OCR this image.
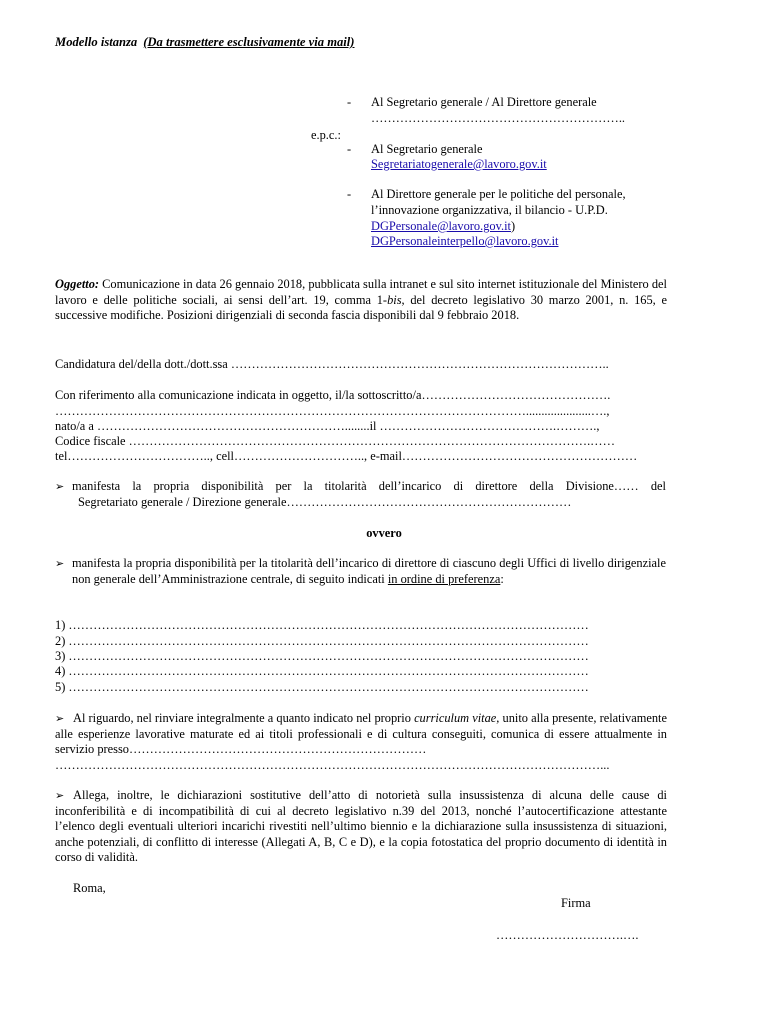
Modello istanza (Da trasmettere esclusivamente via mail)
- Al Segretario generale / Al Direttore generale
……………………………………………………..
e.p.c.:
- Al Segretario generale
Segretariatogenerale@lavoro.gov.it
- Al Direttore generale per le politiche del personale,
l’innovazione organizzativa, il bilancio - U.P.D.
DGPersonale@lavoro.gov.it)
DGPersonaleinterpello@lavoro.gov.it
Oggetto: Comunicazione in data 26 gennaio 2018, pubblicata sulla intranet e sul sito internet istituzionale del Ministero del lavoro e delle politiche sociali, ai sensi dell’art. 19, comma 1-bis, del decreto legislativo 30 marzo 2001, n. 165, e successive modifiche. Posizioni dirigenziali di seconda fascia disponibili dal 9 febbraio 2018.
Candidatura del/della dott./dott.ssa ………………………………………………………………………………..
Con riferimento alla comunicazione indicata in oggetto, il/la sottoscritto/a……………………………………….
…………………………………………………………………………………………………….....................….,
nato/a a ……………………………………………………........il …………………………………….……….,
Codice fiscale ………………………………………………………………………………………………….……
tel…………………………….., cell………………………….., e-mail…………………………………………………
➢ manifesta la propria disponibilità per la titolarità dell’incarico di direttore della Divisione…… del
Segretariato generale / Direzione generale……………………………………………………………
ovvero
➢ manifesta la propria disponibilità per la titolarità dell’incarico di direttore di ciascuno degli Uffici di livello dirigenziale non generale dell’Amministrazione centrale, di seguito indicati in ordine di preferenza:
1) ………………………………………………………………………………………………………………
2) ………………………………………………………………………………………………………………
3) ………………………………………………………………………………………………………………
4) ………………………………………………………………………………………………………………
5) ………………………………………………………………………………………………………………
➢ Al riguardo, nel rinviare integralmente a quanto indicato nel proprio curriculum vitae, unito alla presente, relativamente alle esperienze lavorative maturate ed ai titoli professionali e di cultura conseguiti, comunica di essere attualmente in servizio presso………………………………………………………………
……………………………………………………………………………………………………………………...
➢ Allega, inoltre, le dichiarazioni sostitutive dell’atto di notorietà sulla insussistenza di alcuna delle cause di inconferibilità e di incompatibilità di cui al decreto legislativo n.39 del 2013, nonché l’autocertificazione attestante l’elenco degli eventuali ulteriori incarichi rivestiti nell’ultimo biennio e la dichiarazione sulla insussistenza di situazioni, anche potenziali, di conflitto di interesse (Allegati A, B, C e D), e la copia fotostatica del proprio documento di identità in corso di validità.
Roma,
Firma
………………………….….
